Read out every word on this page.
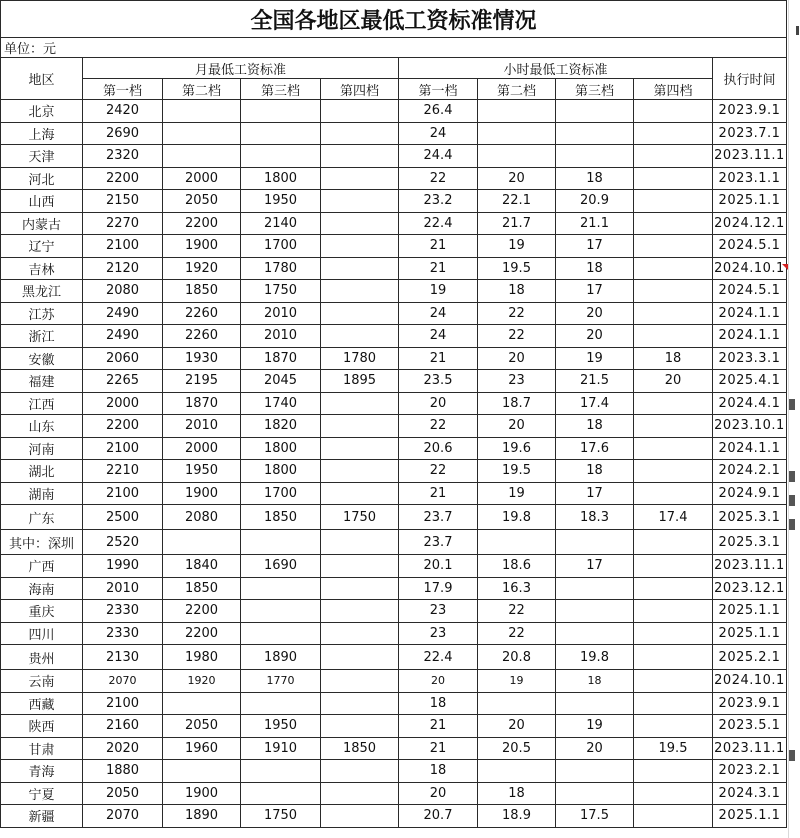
全国各地区最低工资标准情况									
单位：元									
地区	月最低工资标准				小时最低工资标准				执行时间
	第一档	第二档	第三档	第四档	第一档	第二档	第三档	第四档	
北京	2420				26.4				2023.9.1
上海	2690				24				2023.7.1
天津	2320				24.4				2023.11.1
河北	2200	2000	1800		22	20	18		2023.1.1
山西	2150	2050	1950		23.2	22.1	20.9		2025.1.1
内蒙古	2270	2200	2140		22.4	21.7	21.1		2024.12.1
辽宁	2100	1900	1700		21	19	17		2024.5.1
吉林	2120	1920	1780		21	19.5	18		2024.10.1
黑龙江	2080	1850	1750		19	18	17		2024.5.1
江苏	2490	2260	2010		24	22	20		2024.1.1
浙江	2490	2260	2010		24	22	20		2024.1.1
安徽	2060	1930	1870	1780	21	20	19	18	2023.3.1
福建	2265	2195	2045	1895	23.5	23	21.5	20	2025.4.1
江西	2000	1870	1740		20	18.7	17.4		2024.4.1
山东	2200	2010	1820		22	20	18		2023.10.1
河南	2100	2000	1800		20.6	19.6	17.6		2024.1.1
湖北	2210	1950	1800		22	19.5	18		2024.2.1
湖南	2100	1900	1700		21	19	17		2024.9.1
广东	2500	2080	1850	1750	23.7	19.8	18.3	17.4	2025.3.1
其中：深圳	2520				23.7				2025.3.1
广西	1990	1840	1690		20.1	18.6	17		2023.11.1
海南	2010	1850			17.9	16.3			2023.12.1
重庆	2330	2200			23	22			2025.1.1
四川	2330	2200			23	22			2025.1.1
贵州	2130	1980	1890		22.4	20.8	19.8		2025.2.1
云南	2070	1920	1770		20	19	18		2024.10.1
西藏	2100				18				2023.9.1
陕西	2160	2050	1950		21	20	19		2023.5.1
甘肃	2020	1960	1910	1850	21	20.5	20	19.5	2023.11.1
青海	1880				18				2023.2.1
宁夏	2050	1900			20	18			2024.3.1
新疆	2070	1890	1750		20.7	18.9	17.5		2025.1.1
